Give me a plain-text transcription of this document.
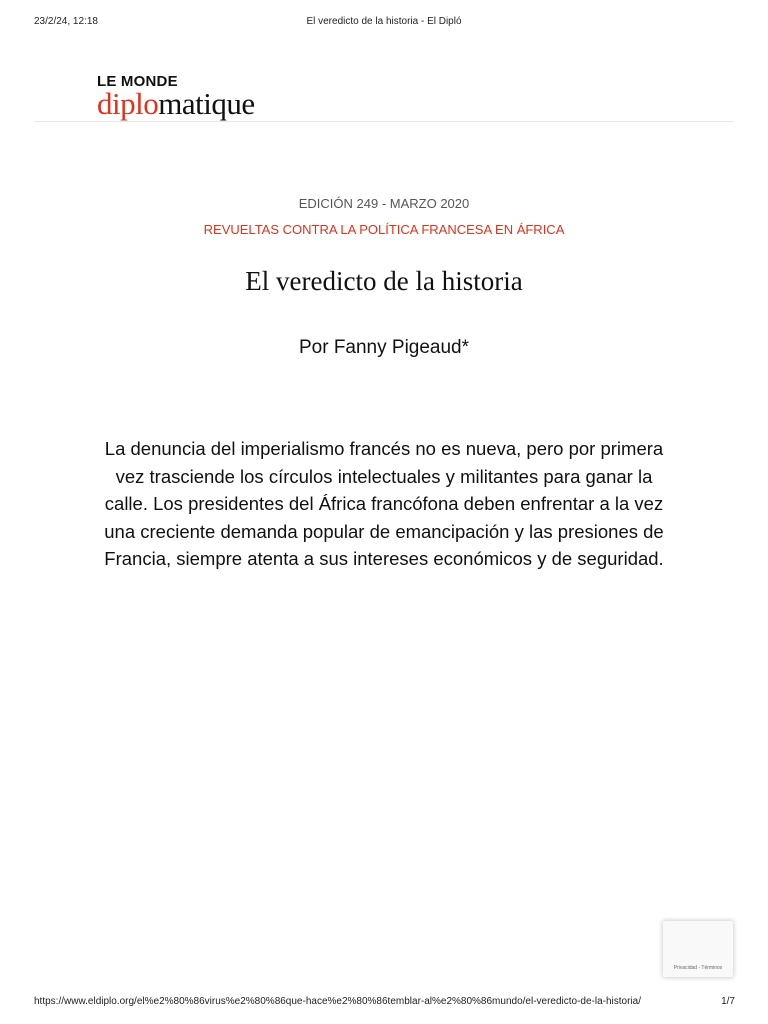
23/2/24, 12:18	El veredicto de la historia - El Dipló
LE MONDE
diplomatique
EDICIÓN 249 - MARZO 2020
REVUELTAS CONTRA LA POLÍTICA FRANCESA EN ÁFRICA
El veredicto de la historia
Por Fanny Pigeaud*

La denuncia del imperialismo francés no es nueva, pero por primera vez trasciende los círculos intelectuales y militantes para ganar la calle. Los presidentes del África francófona deben enfrentar a la vez una creciente demanda popular de emancipación y las presiones de Francia, siempre atenta a sus intereses económicos y de seguridad.

Privacidad - Términos
https://www.eldiplo.org/el%e2%80%86virus%e2%80%86que-hace%e2%80%86temblar-al%e2%80%86mundo/el-veredicto-de-la-historia/	1/7
